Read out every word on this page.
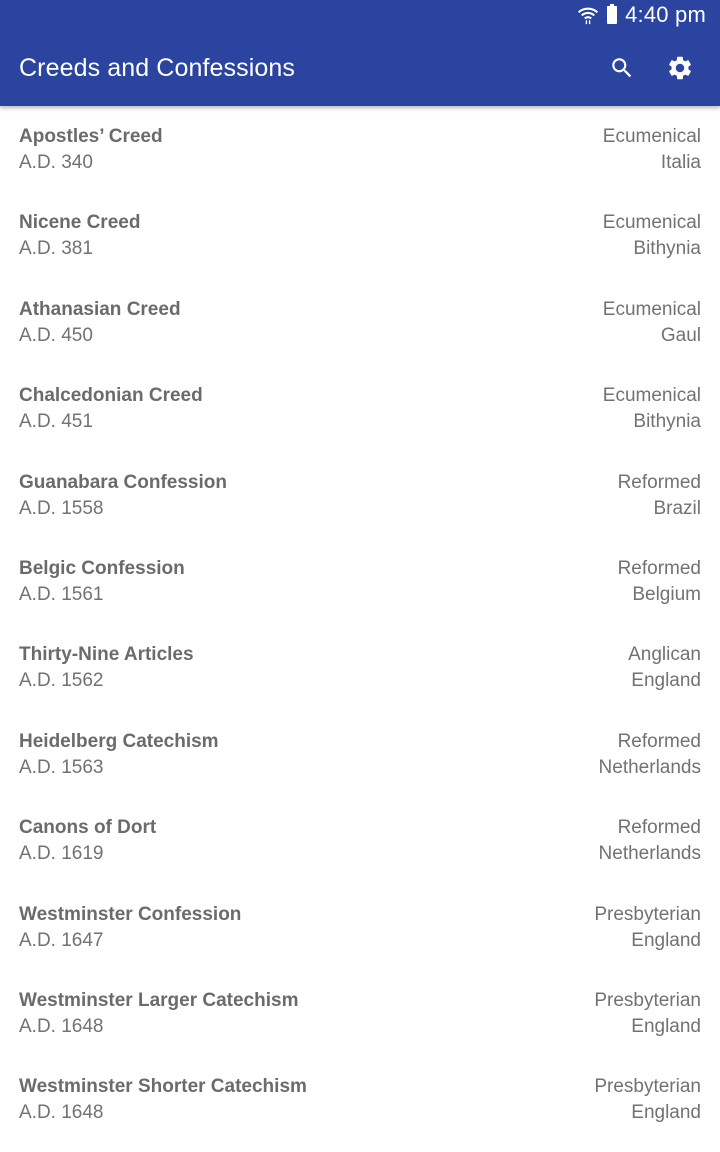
4:40 pm
Creeds and Confessions
Apostles’ Creed
A.D. 340
Ecumenical
Italia
Nicene Creed
A.D. 381
Ecumenical
Bithynia
Athanasian Creed
A.D. 450
Ecumenical
Gaul
Chalcedonian Creed
A.D. 451
Ecumenical
Bithynia
Guanabara Confession
A.D. 1558
Reformed
Brazil
Belgic Confession
A.D. 1561
Reformed
Belgium
Thirty-Nine Articles
A.D. 1562
Anglican
England
Heidelberg Catechism
A.D. 1563
Reformed
Netherlands
Canons of Dort
A.D. 1619
Reformed
Netherlands
Westminster Confession
A.D. 1647
Presbyterian
England
Westminster Larger Catechism
A.D. 1648
Presbyterian
England
Westminster Shorter Catechism
A.D. 1648
Presbyterian
England
